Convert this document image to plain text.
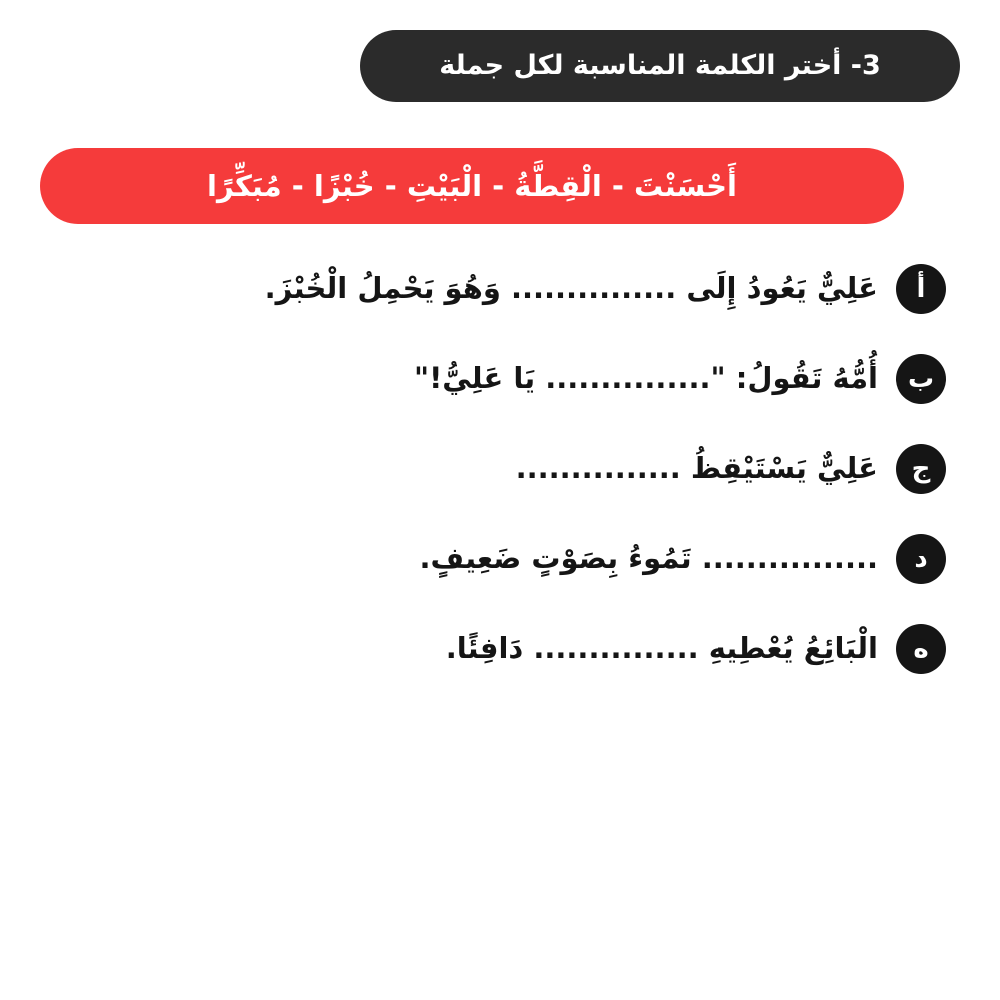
3- أختر الكلمة المناسبة لكل جملة
أَحْسَنْتَ - الْقِطَّةُ - الْبَيْتِ - خُبْزًا - مُبَكِّرًا
أ
عَلِيٌّ يَعُودُ إِلَى ............... وَهُوَ يَحْمِلُ الْخُبْزَ.
ب
أُمُّهُ تَقُولُ: "............... يَا عَلِيُّ!"
ج
عَلِيٌّ يَسْتَيْقِظُ ...............
د
................ تَمُوءُ بِصَوْتٍ ضَعِيفٍ.
ه
الْبَائِعُ يُعْطِيهِ ............... دَافِئًا.
